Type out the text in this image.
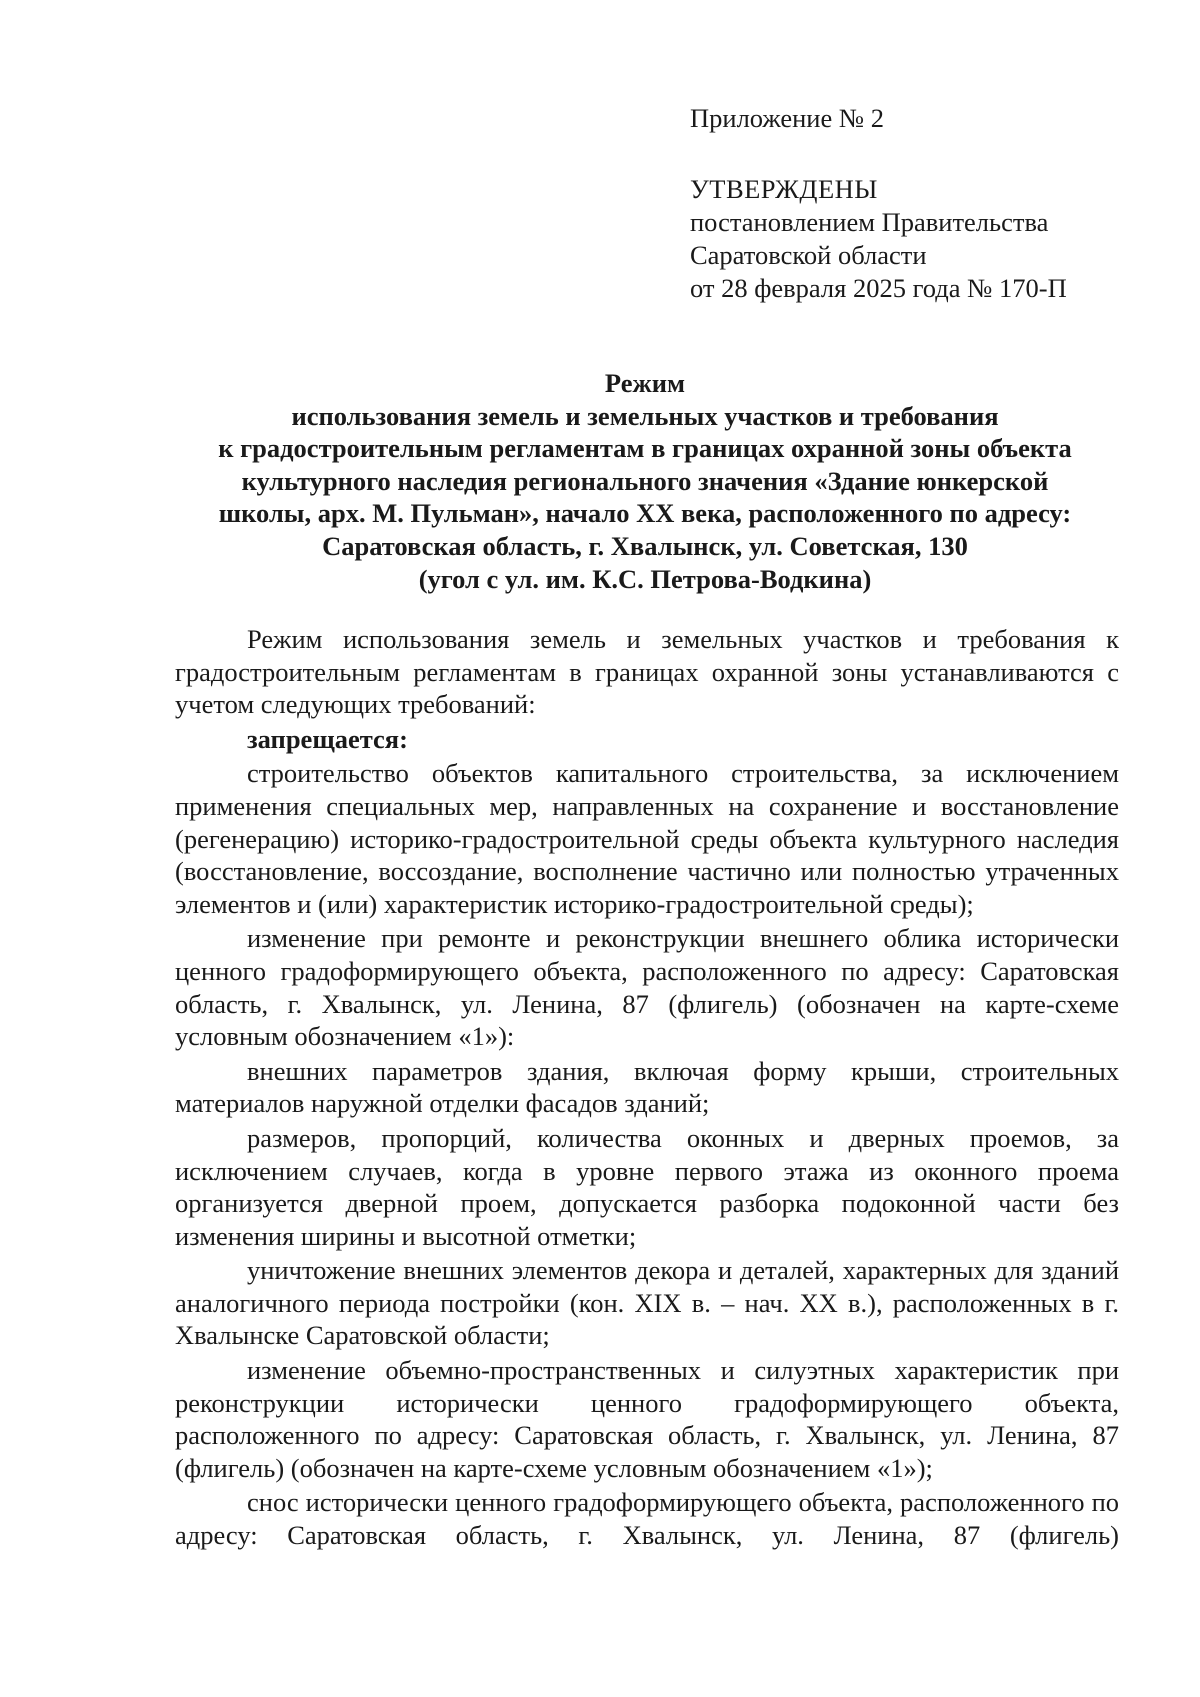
Приложение № 2
УТВЕРЖДЕНЫ
постановлением Правительства
Саратовской области
от 28 февраля 2025 года № 170-П
Режим
использования земель и земельных участков и требования
к градостроительным регламентам в границах охранной зоны объекта
культурного наследия регионального значения «Здание юнкерской
школы, арх. М. Пульман», начало XX века, расположенного по адресу:
Саратовская область, г. Хвалынск, ул. Советская, 130
(угол с ул. им. К.С. Петрова-Водкина)

Режим использования земель и земельных участков и требования к градостроительным регламентам в границах охранной зоны устанавливаются с учетом следующих требований:

запрещается:

строительство объектов капитального строительства, за исключением применения специальных мер, направленных на сохранение и восстановление (регенерацию) историко-градостроительной среды объекта культурного наследия (восстановление, воссоздание, восполнение частично или полностью утраченных элементов и (или) характеристик историко-градостроительной среды);

изменение при ремонте и реконструкции внешнего облика исторически ценного градоформирующего объекта, расположенного по адресу: Саратовская область, г. Хвалынск, ул. Ленина, 87 (флигель) (обозначен на карте-схеме условным обозначением «1»):

внешних параметров здания, включая форму крыши, строительных материалов наружной отделки фасадов зданий;

размеров, пропорций, количества оконных и дверных проемов, за исключением случаев, когда в уровне первого этажа из оконного проема организуется дверной проем, допускается разборка подоконной части без изменения ширины и высотной отметки;

уничтожение внешних элементов декора и деталей, характерных для зданий аналогичного периода постройки (кон. XIX в. – нач. XX в.), расположенных в г. Хвалынске Саратовской области;

изменение объемно-пространственных и силуэтных характеристик при реконструкции исторически ценного градоформирующего объекта, расположенного по адресу: Саратовская область, г. Хвалынск, ул. Ленина, 87 (флигель) (обозначен на карте-схеме условным обозначением «1»);

снос исторически ценного градоформирующего объекта, расположенного по адресу: Саратовская область, г. Хвалынск, ул. Ленина, 87 (флигель)
